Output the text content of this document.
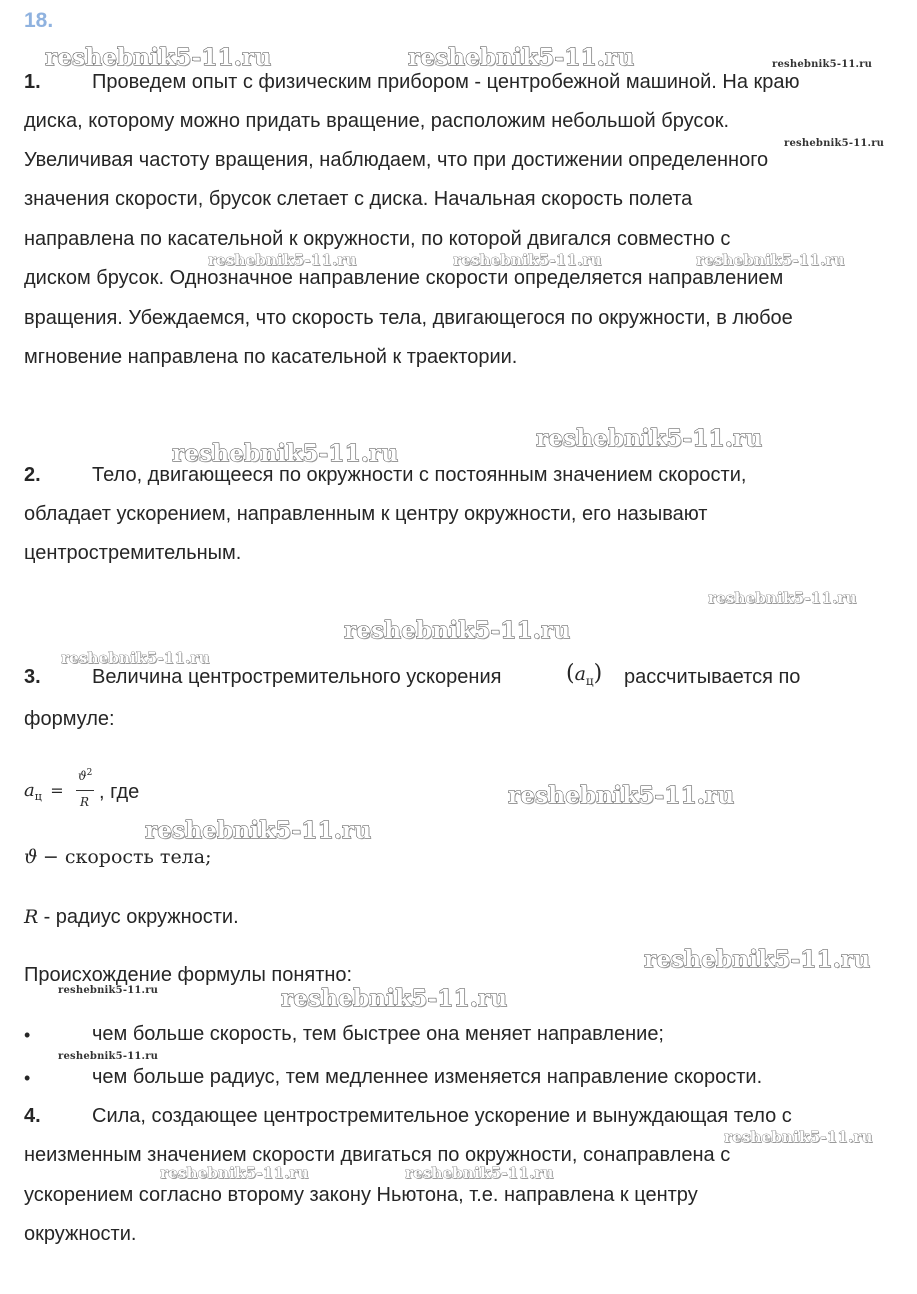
18.
reshebnik5-11.ru	reshebnik5-11.ru	reshebnik5-11.ru
reshebnik5-11.ru
reshebnik5-11.ru	reshebnik5-11.ru	reshebnik5-11.ru
reshebnik5-11.ru
reshebnik5-11.ru
reshebnik5-11.ru
reshebnik5-11.ru
reshebnik5-11.ru
reshebnik5-11.ru
reshebnik5-11.ru
reshebnik5-11.ru
reshebnik5-11.ru	reshebnik5-11.ru
reshebnik5-11.ru
reshebnik5-11.ru
reshebnik5-11.ru	reshebnik5-11.ru
1.	Проведем опыт с физическим прибором - центробежной машиной. На краю
диска, которому можно придать вращение, расположим небольшой брусок.
Увеличивая частоту вращения, наблюдаем, что при достижении определенного
значения скорости, брусок слетает с диска. Начальная скорость полета
направлена по касательной к окружности, по которой двигался совместно с
диском брусок. Однозначное направление скорости определяется направлением
вращения. Убеждаемся, что скорость тела, двигающегося по окружности, в любое
мгновение направлена по касательной к траектории.
2.	Тело, двигающееся по окружности с постоянным значением скорости,
обладает ускорением, направленным к центру окружности, его называют
центростремительным.
3.	Величина центростремительного ускорения	$(a_ц)$ рассчитывается по
формуле:
$a_ц$ =
$ϑ^2$
R , где
ϑ − скорость тела;
R - радиус окружности.
Происхождение формулы понятно:
•	чем больше скорость, тем быстрее она меняет направление;
•	чем больше радиус, тем медленнее изменяется направление скорости.
4.	Сила, создающее центростремительное ускорение и вынуждающая тело с
неизменным значением скорости двигаться по окружности, сонаправлена с
ускорением согласно второму закону Ньютона, т.е. направлена к центру
окружности.
